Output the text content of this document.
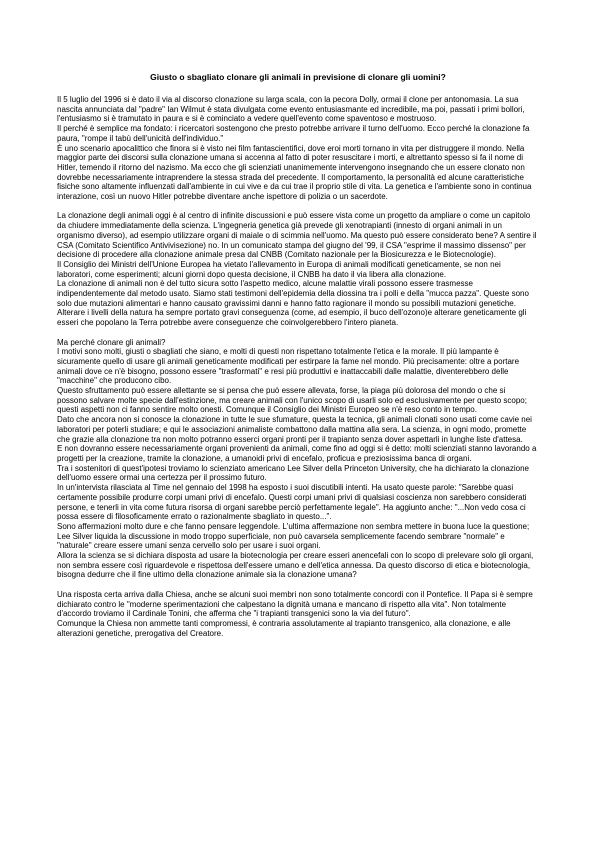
Giusto o sbagliato clonare gli animali in previsione di clonare gli uomini?

Il 5 luglio del 1996 si è dato il via al discorso clonazione su larga scala, con la pecora Dolly, ormai il clone per antonomasia. La sua nascita annunciata dal "padre" Ian Wilmut è stata divulgata come evento entusiasmante ed incredibile, ma poi, passati i primi bollori, l'entusiasmo si è tramutato in paura e si è cominciato a vedere quell'evento come spaventoso e mostruoso.

Il perché è semplice ma fondato: i ricercatori sostengono che presto potrebbe arrivare il turno dell'uomo. Ecco perché la clonazione fa paura, "rompe il tabù dell'unicità dell'individuo."

È uno scenario apocalittico che finora si è visto nei film fantascientifici, dove eroi morti tornano in vita per distruggere il mondo. Nella maggior parte dei discorsi sulla clonazione umana si accenna al fatto di poter resuscitare i morti, e altrettanto spesso si fa il nome di Hitler, temendo il ritorno del nazismo. Ma ecco che gli scienziati unanimemente intervengono insegnando che un essere clonato non dovrebbe necessariamente intraprendere la stessa strada del precedente. Il comportamento, la personalità ed alcune caratteristiche fisiche sono altamente influenzati dall'ambiente in cui vive e da cui trae il proprio stile di vita. La genetica e l'ambiente sono in continua interazione, così un nuovo Hitler potrebbe diventare anche ispettore di polizia o un sacerdote.

La clonazione degli animali oggi è al centro di infinite discussioni e può essere vista come un progetto da ampliare o come un capitolo da chiudere immediatamente della scienza. L'ingegneria genetica già prevede gli xenotrapianti (innesto di organi animali in un organismo diverso), ad esempio utilizzare organi di maiale o di scimmia nell'uomo. Ma questo può essere considerato bene? A sentire il CSA (Comitato Scientifico Antivivisezione) no. In un comunicato stampa del giugno del '99, il CSA "esprime il massimo dissenso" per decisione di procedere alla clonazione animale presa dal CNBB (Comitato nazionale per la Biosicurezza e le Biotecnologie).

Il Consiglio dei Ministri dell'Unione Europea ha vietato l'allevamento in Europa di animali modificati geneticamente, se non nei laboratori, come esperimenti; alcuni giorni dopo questa decisione, il CNBB ha dato il via libera alla clonazione.

La clonazione di animali non è del tutto sicura sotto l'aspetto medico, alcune malattie virali possono essere trasmesse indipendentemente dal metodo usato. Siamo stati testimoni dell'epidemia della diossina tra i polli e della "mucca pazza". Queste sono solo due mutazioni alimentari e hanno causato gravissimi danni e hanno fatto ragionare il mondo su possibili mutazioni genetiche. Alterare i livelli della natura ha sempre portato gravi conseguenza (come, ad esempio, il buco dell'ozono)e alterare geneticamente gli esseri che popolano la Terra potrebbe avere conseguenze che coinvolgerebbero l'intero pianeta.

Ma perché clonare gli animali?

I motivi sono molti, giusti o sbagliati che siano, e molti di questi non rispettano totalmente l'etica e la morale. Il più lampante è sicuramente quello di usare gli animali geneticamente modificati per estirpare la fame nel mondo. Più precisamente: oltre a portare animali dove ce n'è bisogno, possono essere "trasformati" e resi più produttivi e inattaccabili dalle malattie, diventerebbero delle "macchine" che producono cibo.

Questo sfruttamento può essere allettante se si pensa che può essere allevata, forse, la piaga più dolorosa del mondo o che si possono salvare molte specie dall'estinzione, ma creare animali con l'unico scopo di usarli solo ed esclusivamente per questo scopo; questi aspetti non ci fanno sentire molto onesti. Comunque il Consiglio dei Ministri Europeo se n'è reso conto in tempo.

Dato che ancora non si conosce la clonazione in tutte le sue sfumature, questa la tecnica, gli animali clonati sono usati come cavie nei laboratori per poterli studiare; e qui le associazioni animaliste combattono dalla mattina alla sera. La scienza, in ogni modo, promette che grazie alla clonazione tra non molto potranno esserci organi pronti per il trapianto senza dover aspettarli in lunghe liste d'attesa.

E non dovranno essere necessariamente organi provenienti da animali, come fino ad oggi si è detto: molti scienziati stanno lavorando a progetti per la creazione, tramite la clonazione, a umanoidi privi di encefalo, proficua e preziosissima banca di organi.

Tra i sostenitori di quest'ipotesi troviamo lo scienziato americano Lee Silver della Princeton University, che ha dichiarato la clonazione dell'uomo essere ormai una certezza per il prossimo futuro.

In un'intervista rilasciata al Time nel gennaio del 1998 ha esposto i suoi discutibili intenti. Ha usato queste parole: "Sarebbe quasi certamente possibile produrre corpi umani privi di encefalo. Questi corpi umani privi di qualsiasi coscienza non sarebbero considerati persone, e tenerli in vita come futura risorsa di organi sarebbe perciò perfettamente legale". Ha aggiunto anche: "...Non vedo cosa ci possa essere di filosoficamente errato o razionalmente sbagliato in questo...".

Sono affermazioni molto dure e che fanno pensare leggendole. L'ultima affermazione non sembra mettere in buona luce la questione; Lee Silver liquida la discussione in modo troppo superficiale, non può cavarsela semplicemente facendo sembrare "normale" e "naturale" creare essere umani senza cervello solo per usare i suoi organi.

Allora la scienza se si dichiara disposta ad usare la biotecnologia per creare esseri anencefali con lo scopo di prelevare solo gli organi, non sembra essere così riguardevole e rispettosa dell'essere umano e dell'etica annessa. Da questo discorso di etica e biotecnologia, bisogna dedurre che il fine ultimo della clonazione animale sia la clonazione umana?

Una risposta certa arriva dalla Chiesa, anche se alcuni suoi membri non sono totalmente concordi con il Pontefice. Il Papa si è sempre dichiarato contro le "moderne sperimentazioni che calpestano la dignità umana e mancano di rispetto alla vita". Non totalmente d'accordo troviamo il Cardinale Tonini, che afferma che "i trapianti transgenici sono la via del futuro".

Comunque la Chiesa non ammette tanti compromessi, è contraria assolutamente al trapianto transgenico, alla clonazione, e alle alterazioni genetiche, prerogativa del Creatore.
